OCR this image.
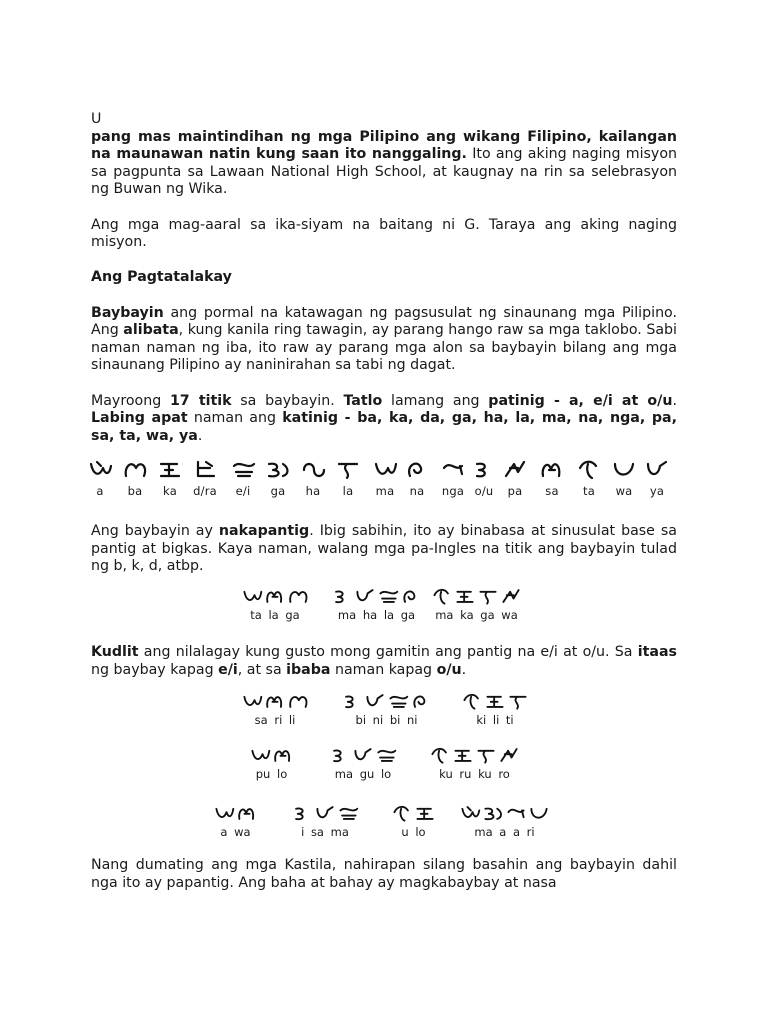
U

pang mas maintindihan ng mga Pilipino ang wikang Filipino, kailangan na maunawan natin kung saan ito nanggaling. Ito ang aking naging misyon sa pagpunta sa Lawaan National High School, at kaugnay na rin sa selebrasyon ng Buwan ng Wika.

Ang mga mag-aaral sa ika-siyam na baitang ni G. Taraya ang aking naging misyon.

Ang Pagtatalakay

Baybayin ang pormal na katawagan ng pagsusulat ng sinaunang mga Pilipino. Ang alibata, kung kanila ring tawagin, ay parang hango raw sa mga taklobo. Sabi naman naman ng iba, ito raw ay parang mga alon sa baybayin bilang ang mga sinaunang Pilipino ay naninirahan sa tabi ng dagat.

Mayroong 17 titik sa baybayin. Tatlo lamang ang patinig - a, e/i at o/u. Labing apat naman ang katinig - ba, ka, da, ga, ha, la, ma, na, nga, pa, sa, ta, wa, ya.

a	ba	ka	d/ra	e/i	ga	ha	la	ma	na	nga o/u	pa	sa	ta	wa	ya

Ang baybayin ay nakapantig. Ibig sabihin, ito ay binabasa at sinusulat base sa pantig at bigkas. Kaya naman, walang mga pa-Ingles na titik ang baybayin tulad ng b, k, d, atbp.

ta la ga	ma ha la ga	ma ka ga wa

Kudlit ang nilalagay kung gusto mong gamitin ang pantig na e/i at o/u. Sa itaas ng baybay kapag e/i, at sa ibaba naman kapag o/u.

sa ri li	bi ni bi ni	ki li ti
pu lo	ma gu lo	ku ru ku ro
a wa	i sa ma	u lo	ma a a ri

Nang dumating ang mga Kastila, nahirapan silang basahin ang baybayin dahil nga ito ay papantig. Ang baha at bahay ay magkabaybay at nasa
